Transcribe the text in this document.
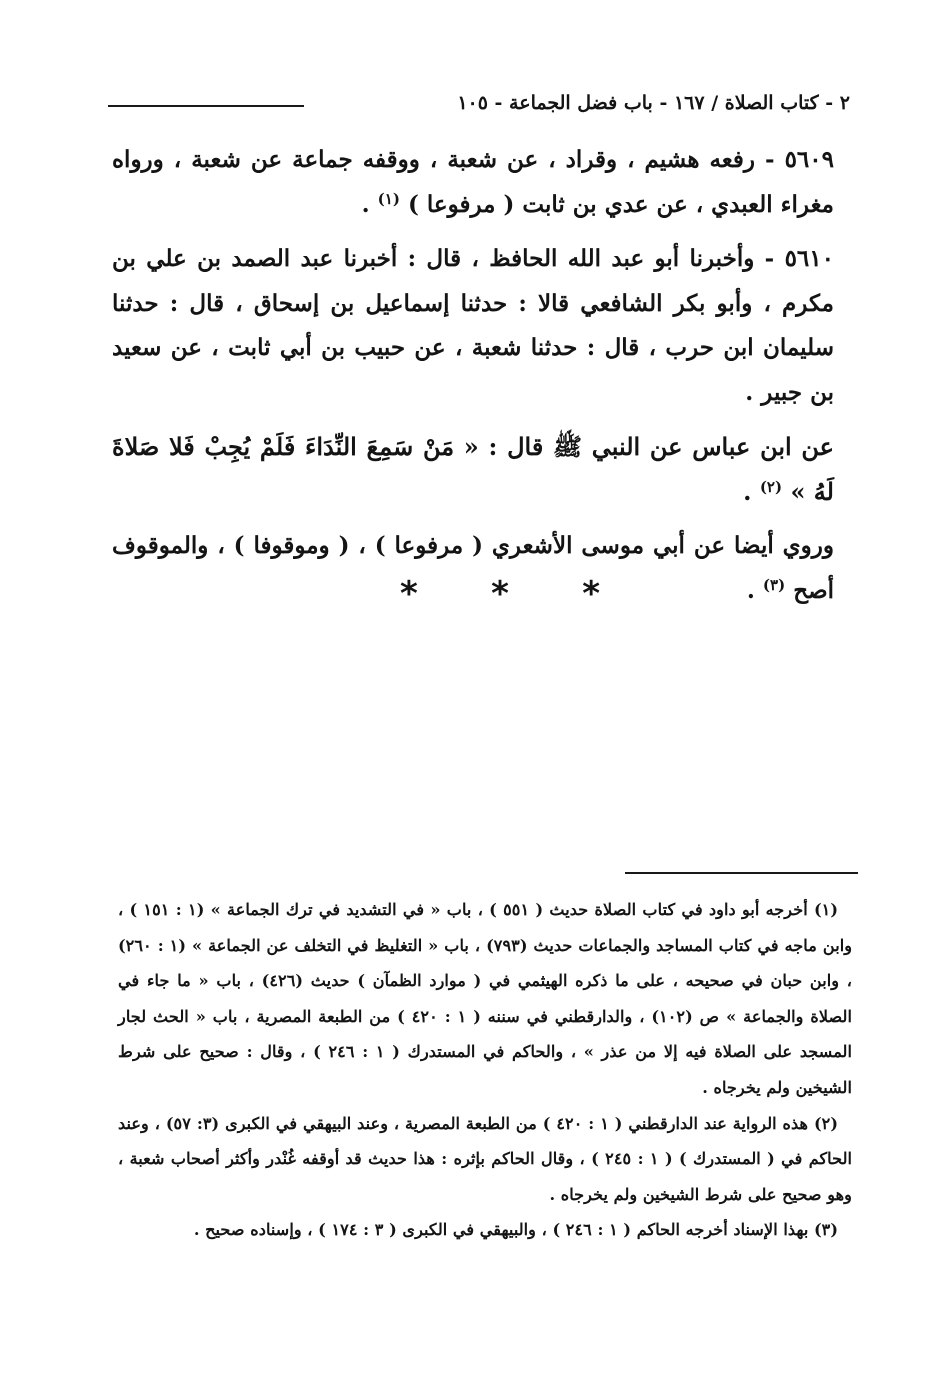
٢ - كتاب الصلاة / ١٦٧ - باب فضل الجماعة - ١٠٥

٥٦٠٩ - رفعه هشيم ، وقراد ، عن شعبة ، ووقفه جماعة عن شعبة ، ورواه مغراء العبدي ، عن عدي بن ثابت ( مرفوعا ) $^{(١)}$ .

٥٦١٠ - وأخبرنا أبو عبد الله الحافظ ، قال : أخبرنا عبد الصمد بن علي بن مكرم ، وأبو بكر الشافعي قالا : حدثنا إسماعيل بن إسحاق ، قال : حدثنا سليمان ابن حرب ، قال : حدثنا شعبة ، عن حبيب بن أبي ثابت ، عن سعيد بن جبير .

عن ابن عباس عن النبي ﷺ قال : « مَنْ سَمِعَ النِّدَاءَ فَلَمْ يُجِبْ فَلا صَلاةَ لَهُ » $^{(٢)}$ .

وروي أيضا عن أبي موسى الأشعري ( مرفوعا ) ، ( وموقوفا ) ، والموقوف أصح $^{(٣)}$ .

* * *

(١) أخرجه أبو داود في كتاب الصلاة حديث ( ٥٥١ ) ، باب « في التشديد في ترك الجماعة » (١ : ١٥١ ) ، وابن ماجه في كتاب المساجد والجماعات حديث (٧٩٣) ، باب « التغليظ في التخلف عن الجماعة » (١ : ٢٦٠) ، وابن حبان في صحيحه ، على ما ذكره الهيثمي في ( موارد الظمآن ) حديث (٤٢٦) ، باب « ما جاء في الصلاة والجماعة » ص (١٠٢) ، والدارقطني في سننه ( ١ : ٤٢٠ ) من الطبعة المصرية ، باب « الحث لجار المسجد على الصلاة فيه إلا من عذر » ، والحاكم في المستدرك ( ١ : ٢٤٦ ) ، وقال : صحيح على شرط الشيخين ولم يخرجاه .

(٢) هذه الرواية عند الدارقطني ( ١ : ٤٢٠ ) من الطبعة المصرية ، وعند البيهقي في الكبرى (٣: ٥٧) ، وعند الحاكم في ( المستدرك ) ( ١ : ٢٤٥ ) ، وقال الحاكم بإثره : هذا حديث قد أوقفه غُنْدر وأكثر أصحاب شعبة ، وهو صحيح على شرط الشيخين ولم يخرجاه .

(٣) بهذا الإسناد أخرجه الحاكم ( ١ : ٢٤٦ ) ، والبيهقي في الكبرى ( ٣ : ١٧٤ ) ، وإسناده صحيح .
